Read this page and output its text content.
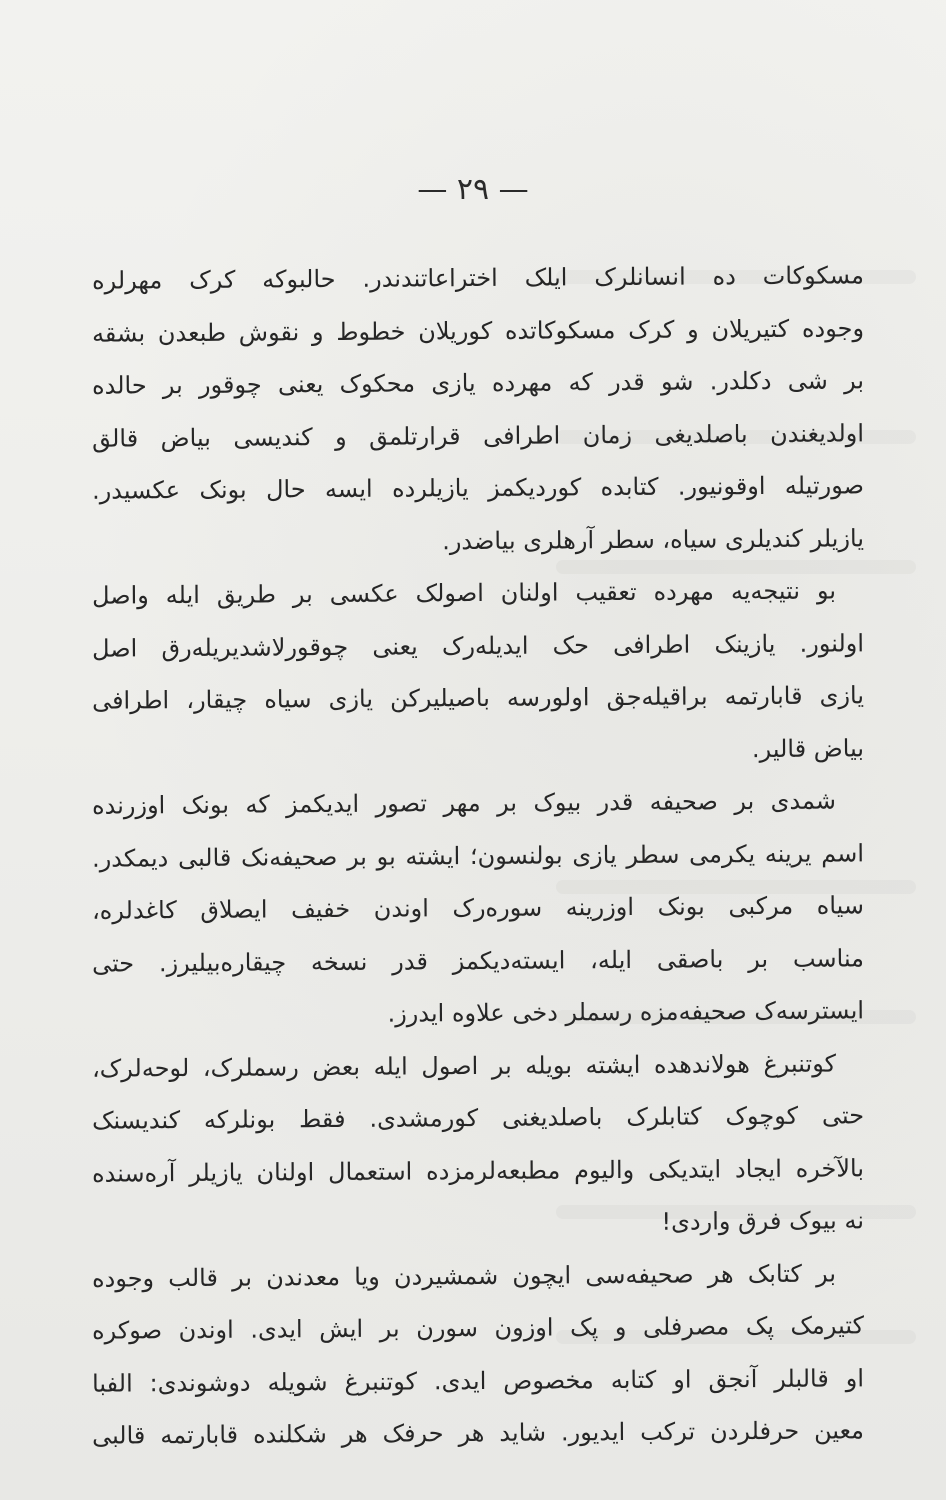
— ٢٩ —
مسکوکات ده انسانلرک ایلک اختراعاتندندر. حالبوکه کرک مهرلره
وجوده کتیریلان و کرک مسکوکاتده کوریلان خطوط و نقوش طبعدن بشقه
بر شی دکلدر. شو قدر که مهرده یازی محکوک یعنی چوقور بر حالده
اولدیغندن باصلدیغی زمان اطرافی قرارتلمق و کندیسی بیاض قالق
صورتیله اوقونیور. کتابده کوردیکمز یازیلرده ایسه حال بونک عکسیدر.
یازیلر کندیلری سیاه، سطر آرهلری بیاضدر.
بو نتیجه‌یه مهرده تعقیب اولنان اصولک عکسی بر طریق ایله واصل
اولنور. یازینک اطرافی حک ایدیله‌رک یعنی چوقورلاشدیریله‌رق اصل
یازی قابارتمه براقیله‌جق اولورسه باصیلیرکن یازی سیاه چیقار، اطرافی
بیاض قالیر.
شمدی بر صحیفه قدر بیوک بر مهر تصور ایدیکمز که بونک اوزرنده
اسم یرینه یکرمی سطر یازی بولنسون؛ ایشته بو بر صحیفه‌نک قالبی دیمکدر.
سیاه مرکبی بونک اوزرینه سوره‌رک اوندن خفیف ایصلاق کاغدلره،
مناسب بر باصقی ایله، ایسته‌دیکمز قدر نسخه چیقاره‌بیلیرز. حتی
ایسترسه‌ک صحیفه‌مزه رسملر دخی علاوه ایدرز.
کوتنبرغ هولاندهده ایشته بویله بر اصول ایله بعض رسملرک، لوحه‌لرک،
حتی کوچوک کتابلرک باصلدیغنی کورمشدی. فقط بونلرکه کندیسنک
بالآخره ایجاد ایتدیکی والیوم مطبعه‌لرمزده استعمال اولنان یازیلر آره‌سنده
نه بیوک فرق واردی!
بر کتابک هر صحیفه‌سی ایچون شمشیردن ویا معدندن بر قالب وجوده
کتیرمک پک مصرفلی و پک اوزون سورن بر ایش ایدی. اوندن صوکره
او قالبلر آنجق او کتابه مخصوص ایدی. کوتنبرغ شویله دوشوندی: الفبا
معین حرفلردن ترکب ایدیور. شاید هر حرفک هر شکلنده قابارتمه قالبی
